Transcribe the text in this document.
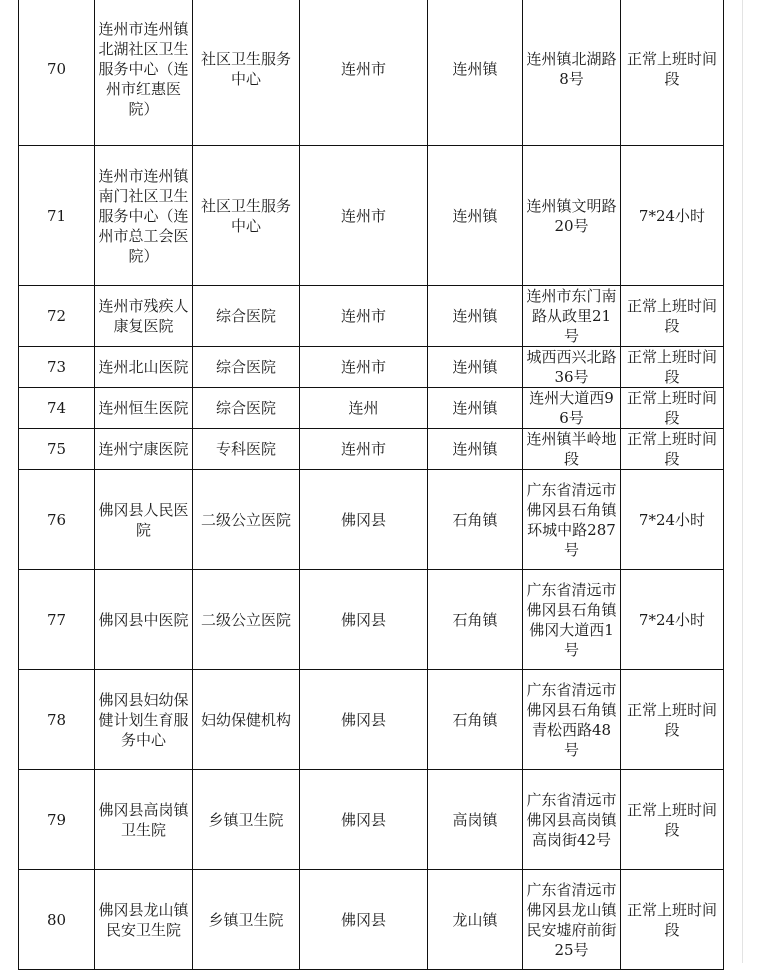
70	连州市连州镇北湖社区卫生服务中心（连州市红惠医院）	社区卫生服务中心	连州市	连州镇	连州镇北湖路8号	正常上班时间段
71	连州市连州镇南门社区卫生服务中心（连州市总工会医院）	社区卫生服务中心	连州市	连州镇	连州镇文明路20号	7*24小时
72	连州市残疾人康复医院	综合医院	连州市	连州镇	连州市东门南路从政里21号	正常上班时间段
73	连州北山医院	综合医院	连州市	连州镇	城西西兴北路36号	正常上班时间段
74	连州恒生医院	综合医院	连州	连州镇	连州大道西96号	正常上班时间段
75	连州宁康医院	专科医院	连州市	连州镇	连州镇半岭地段	正常上班时间段
76	佛冈县人民医院	二级公立医院	佛冈县	石角镇	广东省清远市佛冈县石角镇环城中路287号	7*24小时
77	佛冈县中医院	二级公立医院	佛冈县	石角镇	广东省清远市佛冈县石角镇佛冈大道西1号	7*24小时
78	佛冈县妇幼保健计划生育服务中心	妇幼保健机构	佛冈县	石角镇	广东省清远市佛冈县石角镇青松西路48号	正常上班时间段
79	佛冈县高岗镇卫生院	乡镇卫生院	佛冈县	高岗镇	广东省清远市佛冈县高岗镇高岗街42号	正常上班时间段
80	佛冈县龙山镇民安卫生院	乡镇卫生院	佛冈县	龙山镇	广东省清远市佛冈县龙山镇民安墟府前街25号	正常上班时间段
